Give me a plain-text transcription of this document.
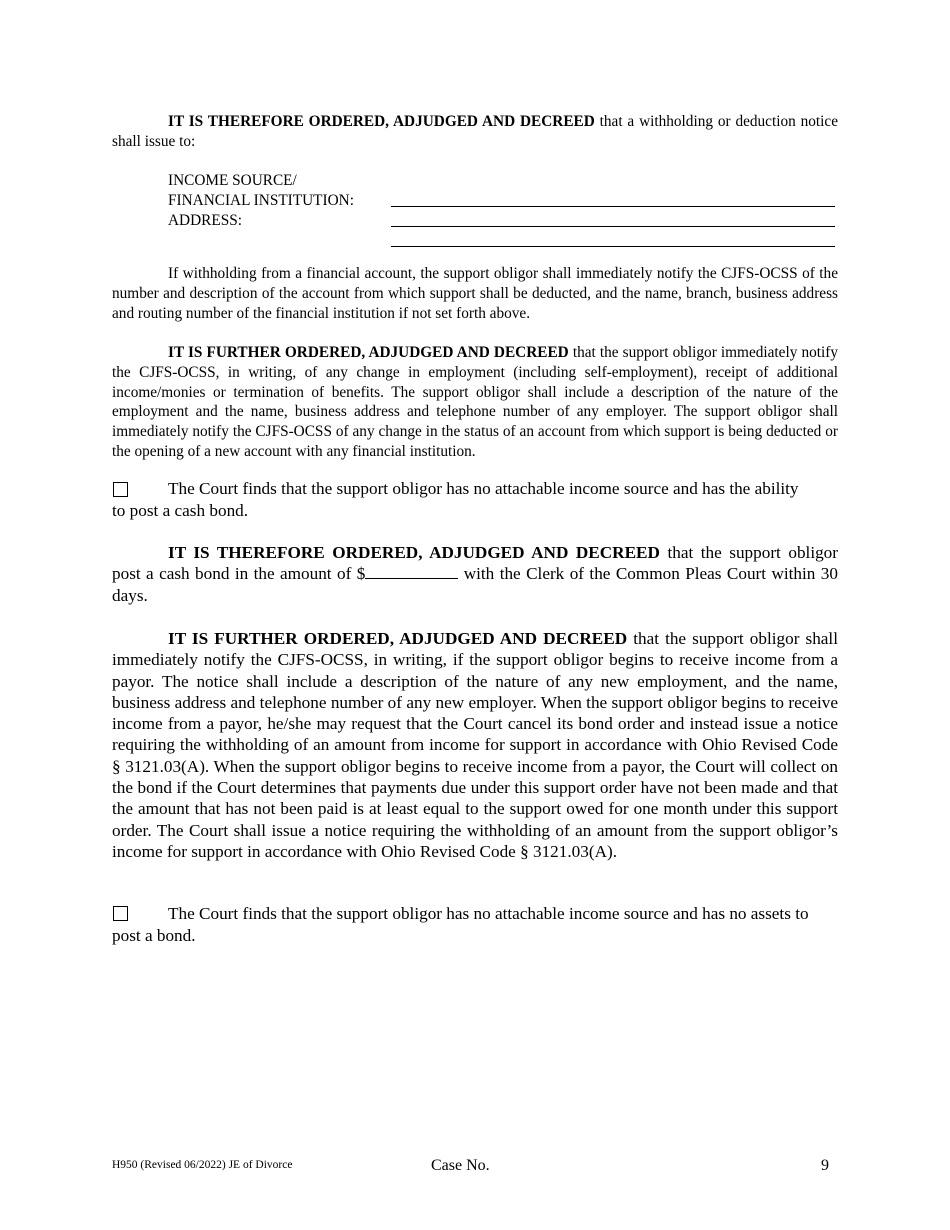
IT IS THEREFORE ORDERED, ADJUDGED AND DECREED that a withholding or deduction notice shall issue to:

INCOME SOURCE/
FINANCIAL INSTITUTION:
ADDRESS:

If withholding from a financial account, the support obligor shall immediately notify the CJFS-OCSS of the number and description of the account from which support shall be deducted, and the name, branch, business address and routing number of the financial institution if not set forth above.

IT IS FURTHER ORDERED, ADJUDGED AND DECREED that the support obligor immediately notify the CJFS-OCSS, in writing, of any change in employment (including self-employment), receipt of additional income/monies or termination of benefits. The support obligor shall include a description of the nature of the employment and the name, business address and telephone number of any employer. The support obligor shall immediately notify the CJFS-OCSS of any change in the status of an account from which support is being deducted or the opening of a new account with any financial institution.

The Court finds that the support obligor has no attachable income source and has the ability to post a cash bond.

IT IS THEREFORE ORDERED, ADJUDGED AND DECREED that the support obligor post a cash bond in the amount of $	with the Clerk of the Common Pleas Court within 30 days.

IT IS FURTHER ORDERED, ADJUDGED AND DECREED that the support obligor shall immediately notify the CJFS-OCSS, in writing, if the support obligor begins to receive income from a payor. The notice shall include a description of the nature of any new employment, and the name, business address and telephone number of any new employer. When the support obligor begins to receive income from a payor, he/she may request that the Court cancel its bond order and instead issue a notice requiring the withholding of an amount from income for support in accordance with Ohio Revised Code § 3121.03(A). When the support obligor begins to receive income from a payor, the Court will collect on the bond if the Court determines that payments due under this support order have not been made and that the amount that has not been paid is at least equal to the support owed for one month under this support order. The Court shall issue a notice requiring the withholding of an amount from the support obligor’s income for support in accordance with Ohio Revised Code § 3121.03(A).

The Court finds that the support obligor has no attachable income source and has no assets to post a bond.

H950 (Revised 06/2022) JE of Divorce	Case No.	9
